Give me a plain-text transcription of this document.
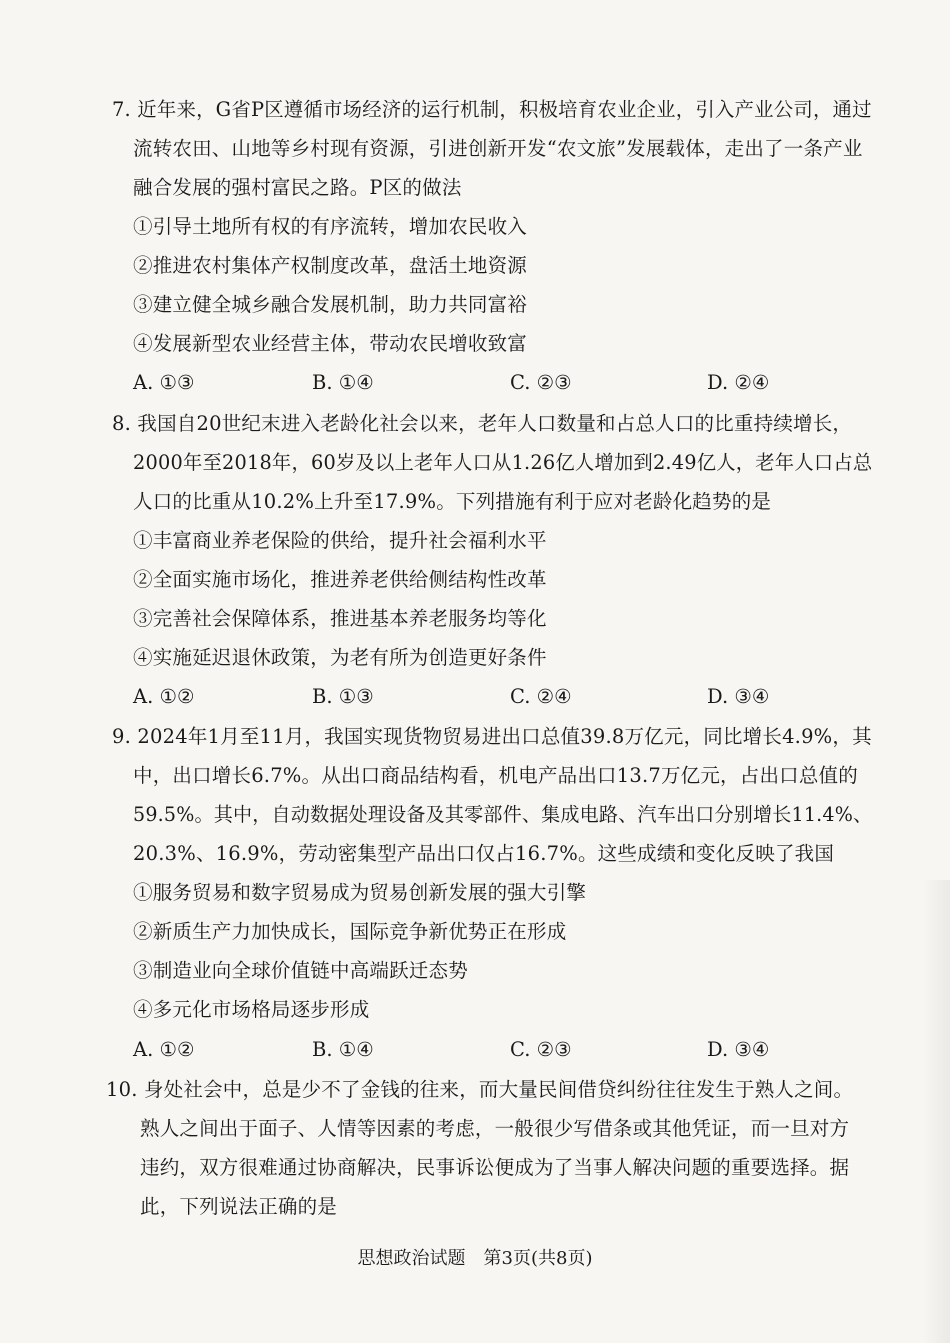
7. 近年来，G省P区遵循市场经济的运行机制，积极培育农业企业，引入产业公司，通过
流转农田、山地等乡村现有资源，引进创新开发“农文旅”发展载体，走出了一条产业
融合发展的强村富民之路。P区的做法
①引导土地所有权的有序流转，增加农民收入
②推进农村集体产权制度改革，盘活土地资源
③建立健全城乡融合发展机制，助力共同富裕
④发展新型农业经营主体，带动农民增收致富
A. ①③	B. ①④	C. ②③	D. ②④
8. 我国自20世纪末进入老龄化社会以来，老年人口数量和占总人口的比重持续增长，
2000年至2018年，60岁及以上老年人口从1.26亿人增加到2.49亿人，老年人口占总
人口的比重从10.2%上升至17.9%。下列措施有利于应对老龄化趋势的是
①丰富商业养老保险的供给，提升社会福利水平
②全面实施市场化，推进养老供给侧结构性改革
③完善社会保障体系，推进基本养老服务均等化
④实施延迟退休政策，为老有所为创造更好条件
A. ①②	B. ①③	C. ②④	D. ③④
9. 2024年1月至11月，我国实现货物贸易进出口总值39.8万亿元，同比增长4.9%，其
中，出口增长6.7%。从出口商品结构看，机电产品出口13.7万亿元，占出口总值的
59.5%。其中，自动数据处理设备及其零部件、集成电路、汽车出口分别增长11.4%、
20.3%、16.9%，劳动密集型产品出口仅占16.7%。这些成绩和变化反映了我国
①服务贸易和数字贸易成为贸易创新发展的强大引擎
②新质生产力加快成长，国际竞争新优势正在形成
③制造业向全球价值链中高端跃迁态势
④多元化市场格局逐步形成
A. ①②	B. ①④	C. ②③	D. ③④
10. 身处社会中，总是少不了金钱的往来，而大量民间借贷纠纷往往发生于熟人之间。
熟人之间出于面子、人情等因素的考虑，一般很少写借条或其他凭证，而一旦对方
违约，双方很难通过协商解决，民事诉讼便成为了当事人解决问题的重要选择。据
此，下列说法正确的是
思想政治试题　第3页(共8页)
